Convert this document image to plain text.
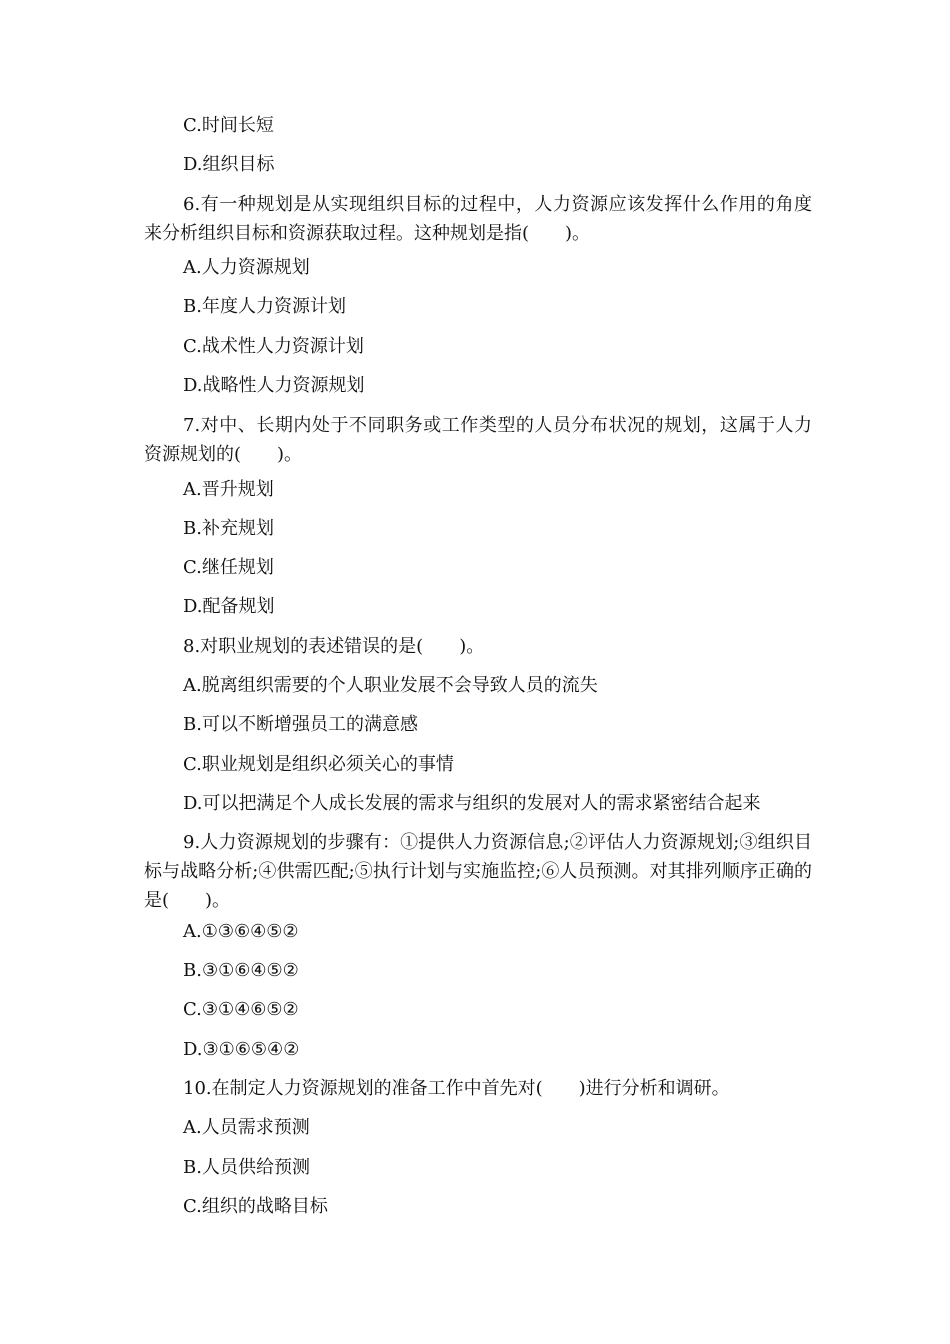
C.时间长短
D.组织目标
6.有一种规划是从实现组织目标的过程中，人力资源应该发挥什么作用的角度来分析组织目标和资源获取过程。这种规划是指(　　)。
A.人力资源规划
B.年度人力资源计划
C.战术性人力资源计划
D.战略性人力资源规划
7.对中、长期内处于不同职务或工作类型的人员分布状况的规划，这属于人力资源规划的(　　)。
A.晋升规划
B.补充规划
C.继任规划
D.配备规划
8.对职业规划的表述错误的是(　　)。
A.脱离组织需要的个人职业发展不会导致人员的流失
B.可以不断增强员工的满意感
C.职业规划是组织必须关心的事情
D.可以把满足个人成长发展的需求与组织的发展对人的需求紧密结合起来
9.人力资源规划的步骤有：①提供人力资源信息;②评估人力资源规划;③组织目标与战略分析;④供需匹配;⑤执行计划与实施监控;⑥人员预测。对其排列顺序正确的是(　　)。
A.①③⑥④⑤②
B.③①⑥④⑤②
C.③①④⑥⑤②
D.③①⑥⑤④②
10.在制定人力资源规划的准备工作中首先对(　　)进行分析和调研。
A.人员需求预测
B.人员供给预测
C.组织的战略目标
